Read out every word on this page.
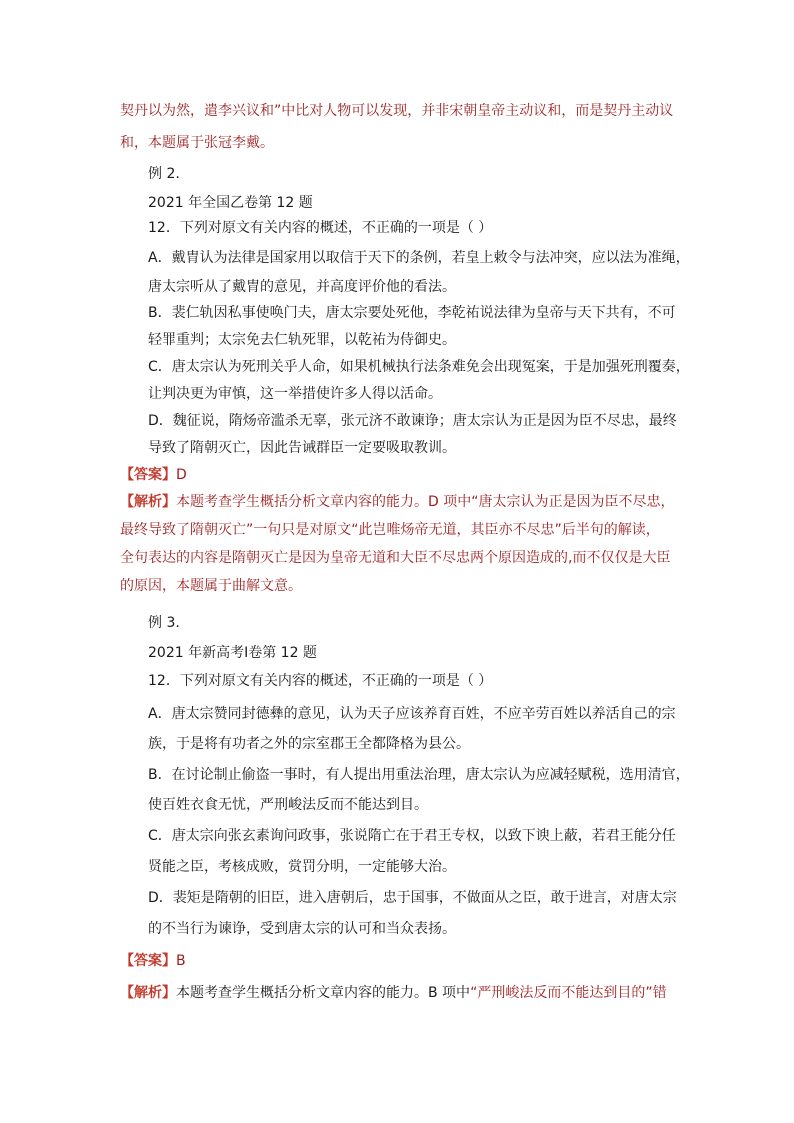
契丹以为然，遣李兴议和”中比对人物可以发现，并非宋朝皇帝主动议和，而是契丹主动议
和，本题属于张冠李戴。
例 2.
2021 年全国乙卷第 12 题
12．下列对原文有关内容的概述，不正确的一项是（ ）
A．戴胄认为法律是国家用以取信于天下的条例，若皇上敕令与法冲突，应以法为准绳，
唐太宗听从了戴胄的意见，并高度评价他的看法。
B．裴仁轨因私事使唤门夫，唐太宗要处死他，李乾祐说法律为皇帝与天下共有，不可
轻罪重判；太宗免去仁轨死罪，以乾祐为侍御史。
C．唐太宗认为死刑关乎人命，如果机械执行法条难免会出现冤案，于是加强死刑覆奏，
让判决更为审慎，这一举措使许多人得以活命。
D．魏征说，隋炀帝滥杀无辜，张元济不敢谏诤；唐太宗认为正是因为臣不尽忠，最终
导致了隋朝灭亡，因此告诫群臣一定要吸取教训。
【答案】D
【解析】本题考查学生概括分析文章内容的能力。D 项中“唐太宗认为正是因为臣不尽忠，
最终导致了隋朝灭亡”一句只是对原文“此岂唯炀帝无道，其臣亦不尽忠”后半句的解读，
全句表达的内容是隋朝灭亡是因为皇帝无道和大臣不尽忠两个原因造成的,而不仅仅是大臣
的原因，本题属于曲解文意。
例 3.
2021 年新高考Ⅰ卷第 12 题
12．下列对原文有关内容的概述，不正确的一项是（ ）
A．唐太宗赞同封德彝的意见，认为天子应该养育百姓，不应辛劳百姓以养活自己的宗
族，于是将有功者之外的宗室郡王全都降格为县公。
B．在讨论制止偷盗一事时，有人提出用重法治理，唐太宗认为应减轻赋税，选用清官，
使百姓衣食无忧，严刑峻法反而不能达到目。
C．唐太宗向张玄素询问政事，张说隋亡在于君王专权，以致下谀上蔽，若君王能分任
贤能之臣，考核成败，赏罚分明，一定能够大治。
D．裴矩是隋朝的旧臣，进入唐朝后，忠于国事，不做面从之臣，敢于进言，对唐太宗
的不当行为谏诤，受到唐太宗的认可和当众表扬。
【答案】B
【解析】本题考查学生概括分析文章内容的能力。B 项中“严刑峻法反而不能达到目的”错
